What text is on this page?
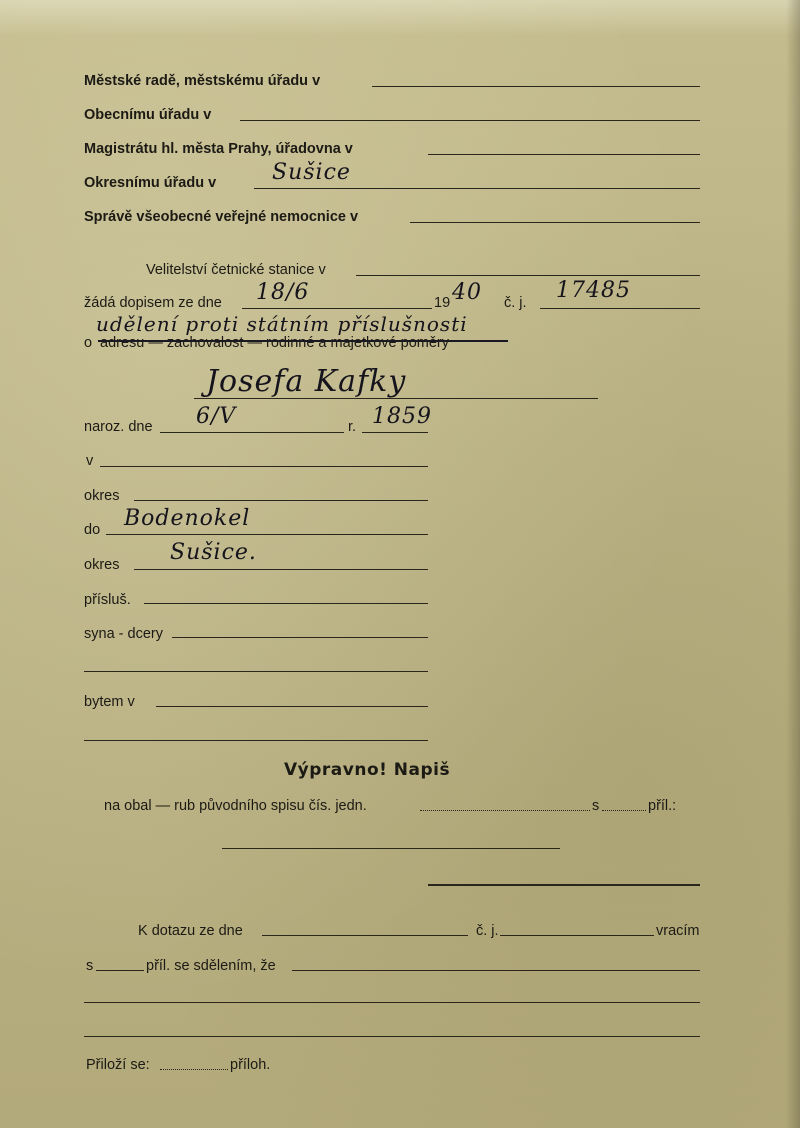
Městské radě, městskému úřadu v
Obecnímu úřadu v
Magistrátu hl. města Prahy, úřadovna v
Okresnímu úřadu v	Sušice
Správě všeobecné veřejné nemocnice v
Velitelství četnické stanice v
žádá dopisem ze dne 18/6	19 40 č. j. 17485
udělení proti státním příslušnosti
o adresu — zachovalost — rodinné a majetkové poměry
Josefa Kafky
naroz. dne 6/V	r. 1859
v
okres
do Bodenokel
okres Sušice.
přísluš.
syna - dcery
bytem v
Výpravno! Napiš
na obal — rub původního spisu čís. jedn.	s	příl.:
K dotazu ze dne	č. j.	vracím
s	příl. se sdělením, že
Přiloží se:	příloh.
